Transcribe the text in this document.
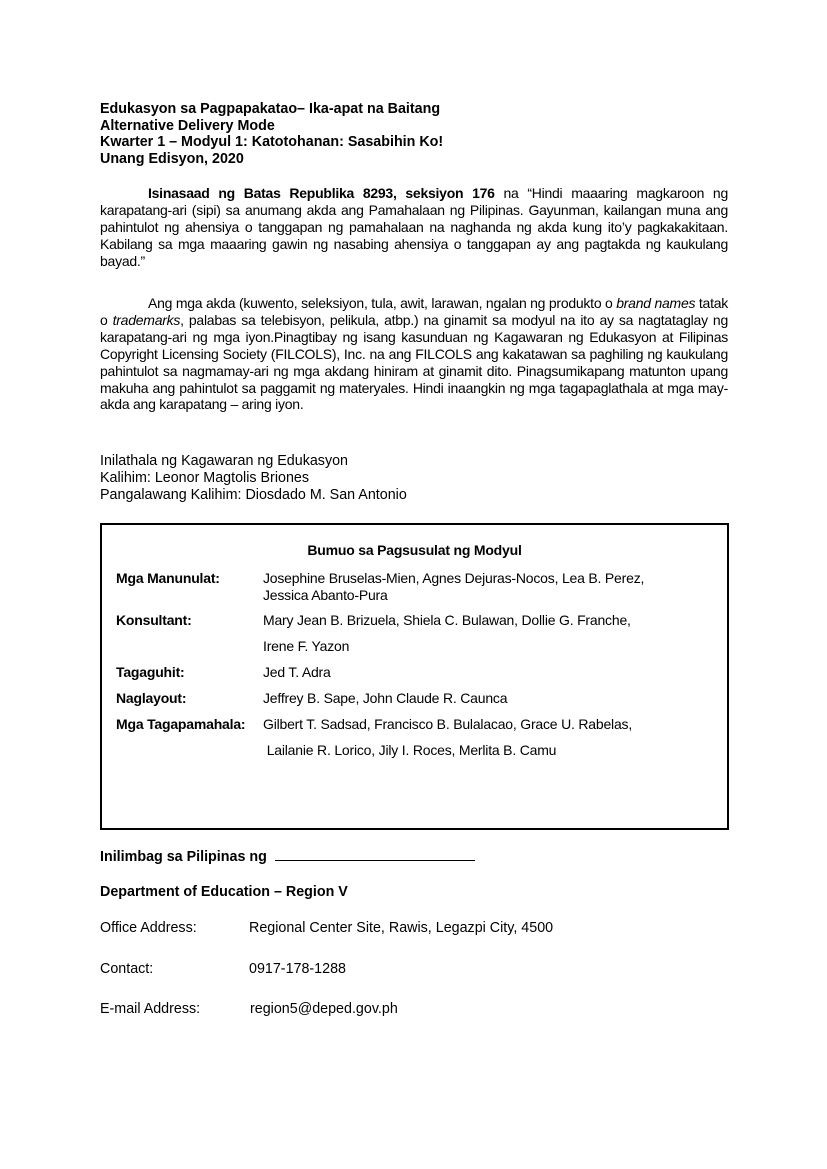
Edukasyon sa Pagpapakatao– Ika-apat na Baitang
Alternative Delivery Mode
Kwarter 1 – Modyul 1: Katotohanan: Sasabihin Ko!
Unang Edisyon, 2020
Isinasaad ng Batas Republika 8293, seksiyon 176 na “Hindi maaaring magkaroon ng karapatang-ari (sipi) sa anumang akda ang Pamahalaan ng Pilipinas. Gayunman, kailangan muna ang pahintulot ng ahensiya o tanggapan ng pamahalaan na naghanda ng akda kung ito’y pagkakakitaan. Kabilang sa mga maaaring gawin ng nasabing ahensiya o tanggapan ay ang pagtakda ng kaukulang bayad.”
Ang mga akda (kuwento, seleksiyon, tula, awit, larawan, ngalan ng produkto o brand names tatak o trademarks, palabas sa telebisyon, pelikula, atbp.) na ginamit sa modyul na ito ay sa nagtataglay ng karapatang-ari ng mga iyon.Pinagtibay ng isang kasunduan ng Kagawaran ng Edukasyon at Filipinas Copyright Licensing Society (FILCOLS), Inc. na ang FILCOLS ang kakatawan sa paghiling ng kaukulang pahintulot sa nagmamay-ari ng mga akdang hiniram at ginamit dito. Pinagsumikapang matunton upang makuha ang pahintulot sa paggamit ng materyales. Hindi inaangkin ng mga tagapaglathala at mga may-akda ang karapatang – aring iyon.
Inilathala ng Kagawaran ng Edukasyon
Kalihim: Leonor Magtolis Briones
Pangalawang Kalihim: Diosdado M. San Antonio
Bumuo sa Pagsusulat ng Modyul
Mga Manunulat:	Josephine Bruselas-Mien, Agnes Dejuras-Nocos, Lea B. Perez,
Jessica Abanto-Pura
Konsultant:	Mary Jean B. Brizuela, Shiela C. Bulawan, Dollie G. Franche,
Irene F. Yazon
Tagaguhit:	Jed T. Adra
Naglayout:	Jeffrey B. Sape, John Claude R. Caunca
Mga Tagapamahala: Gilbert T. Sadsad, Francisco B. Bulalacao, Grace U. Rabelas,
Lailanie R. Lorico, Jily I. Roces, Merlita B. Camu
Inilimbag sa Pilipinas ng
Department of Education – Region V
Office Address:	Regional Center Site, Rawis, Legazpi City, 4500
Contact:	0917-178-1288
E-mail Address:	region5@deped.gov.ph
